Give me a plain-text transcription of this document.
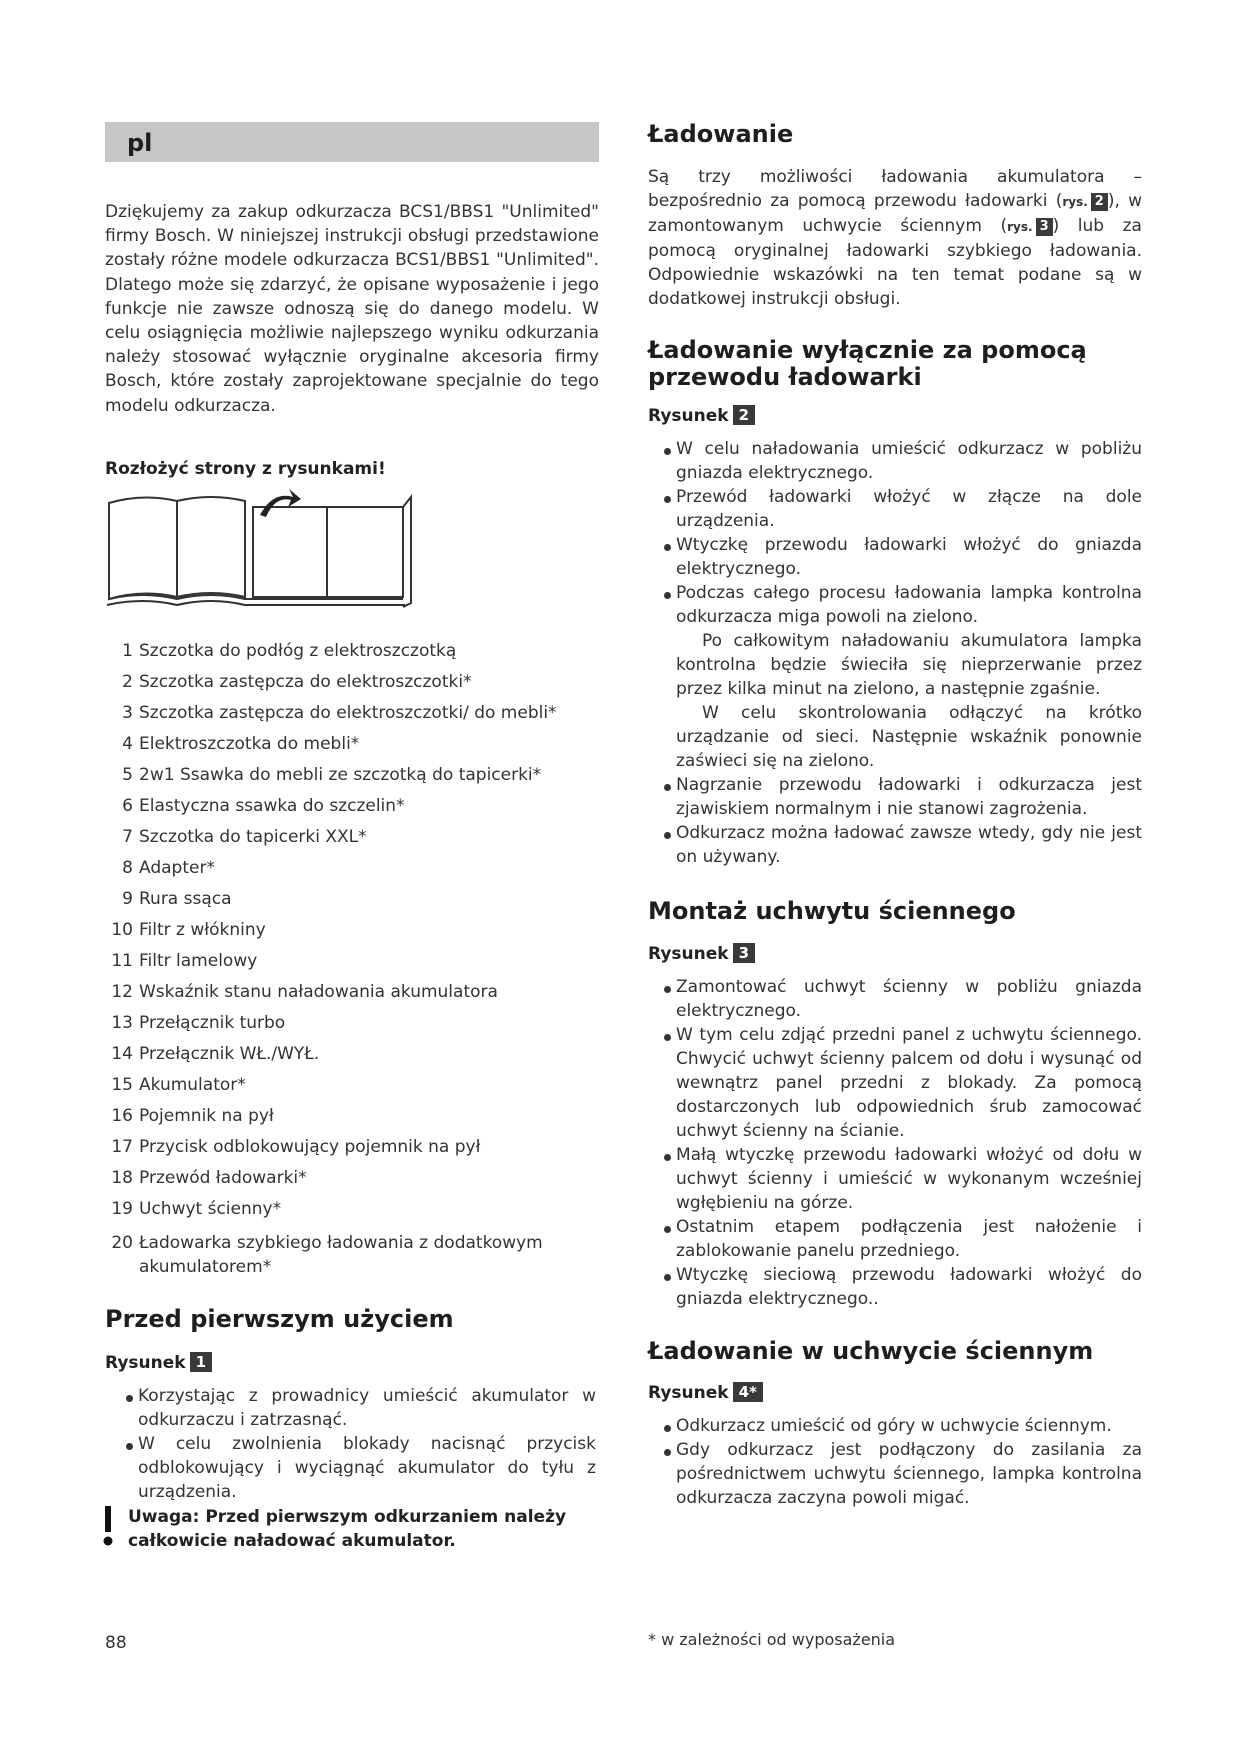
pl
Dziękujemy za zakup odkurzacza BCS1/BBS1 "Unlimited" firmy Bosch. W niniejszej instrukcji obsługi przedstawione zostały różne modele odkurzacza BCS1/BBS1 "Unlimited". Dlatego może się zdarzyć, że opisane wyposażenie i jego funkcje nie zawsze odnoszą się do danego modelu. W celu osiągnięcia możliwie najlepszego wyniku odkurzania należy stosować wyłącznie oryginalne akcesoria firmy Bosch, które zostały zaprojektowane specjalnie do tego modelu odkurzacza.
Rozłożyć strony z rysunkami!
1 Szczotka do podłóg z elektroszczotką
2 Szczotka zastępcza do elektroszczotki*
3 Szczotka zastępcza do elektroszczotki/ do mebli*
4 Elektroszczotka do mebli*
5 2w1 Ssawka do mebli ze szczotką do tapicerki*
6 Elastyczna ssawka do szczelin*
7 Szczotka do tapicerki XXL*
8 Adapter*
9 Rura ssąca
10 Filtr z włókniny
11 Filtr lamelowy
12 Wskaźnik stanu naładowania akumulatora
13 Przełącznik turbo
14 Przełącznik WŁ./WYŁ.
15 Akumulator*
16 Pojemnik na pył
17 Przycisk odblokowujący pojemnik na pył
18 Przewód ładowarki*
19 Uchwyt ścienny*
20 Ładowarka szybkiego ładowania z dodatkowym akumulatorem*
Przed pierwszym użyciem
Rysunek 1
Korzystając z prowadnicy umieścić akumulator w odkurzaczu i zatrzasnąć.
W celu zwolnienia blokady nacisnąć przycisk odblokowujący i wyciągnąć akumulator do tyłu z urządzenia.
Uwaga: Przed pierwszym odkurzaniem należy całkowicie naładować akumulator.
Ładowanie
Są trzy możliwości ładowania akumulatora – bezpośrednio za pomocą przewodu ładowarki (rys. 2 ), w zamontowanym uchwycie ściennym (rys. 3 ) lub za pomocą oryginalnej ładowarki szybkiego ładowania. Odpowiednie wskazówki na ten temat podane są w dodatkowej instrukcji obsługi.
Ładowanie wyłącznie za pomocą przewodu ładowarki
Rysunek 2
W celu naładowania umieścić odkurzacz w pobliżu gniazda elektrycznego.
Przewód ładowarki włożyć w złącze na dole urządzenia.
Wtyczkę przewodu ładowarki włożyć do gniazda elektrycznego.
Podczas całego procesu ładowania lampka kontrolna odkurzacza miga powoli na zielono.
Po całkowitym naładowaniu akumulatora lampka kontrolna będzie świeciła się nieprzerwanie przez przez kilka minut na zielono, a następnie zgaśnie.
W celu skontrolowania odłączyć na krótko urządzanie od sieci. Następnie wskaźnik ponownie zaświeci się na zielono.
Nagrzanie przewodu ładowarki i odkurzacza jest zjawiskiem normalnym i nie stanowi zagrożenia.
Odkurzacz można ładować zawsze wtedy, gdy nie jest on używany.
Montaż uchwytu ściennego
Rysunek 3
Zamontować uchwyt ścienny w pobliżu gniazda elektrycznego.
W tym celu zdjąć przedni panel z uchwytu ściennego. Chwycić uchwyt ścienny palcem od dołu i wysunąć od wewnątrz panel przedni z blokady. Za pomocą dostarczonych lub odpowiednich śrub zamocować uchwyt ścienny na ścianie.
Małą wtyczkę przewodu ładowarki włożyć od dołu w uchwyt ścienny i umieścić w wykonanym wcześniej wgłębieniu na górze.
Ostatnim etapem podłączenia jest nałożenie i zablokowanie panelu przedniego.
Wtyczkę sieciową przewodu ładowarki włożyć do gniazda elektrycznego..
Ładowanie w uchwycie ściennym
Rysunek 4*
Odkurzacz umieścić od góry w uchwycie ściennym.
Gdy odkurzacz jest podłączony do zasilania za pośrednictwem uchwytu ściennego, lampka kontrolna odkurzacza zaczyna powoli migać.
88	* w zależności od wyposażenia
